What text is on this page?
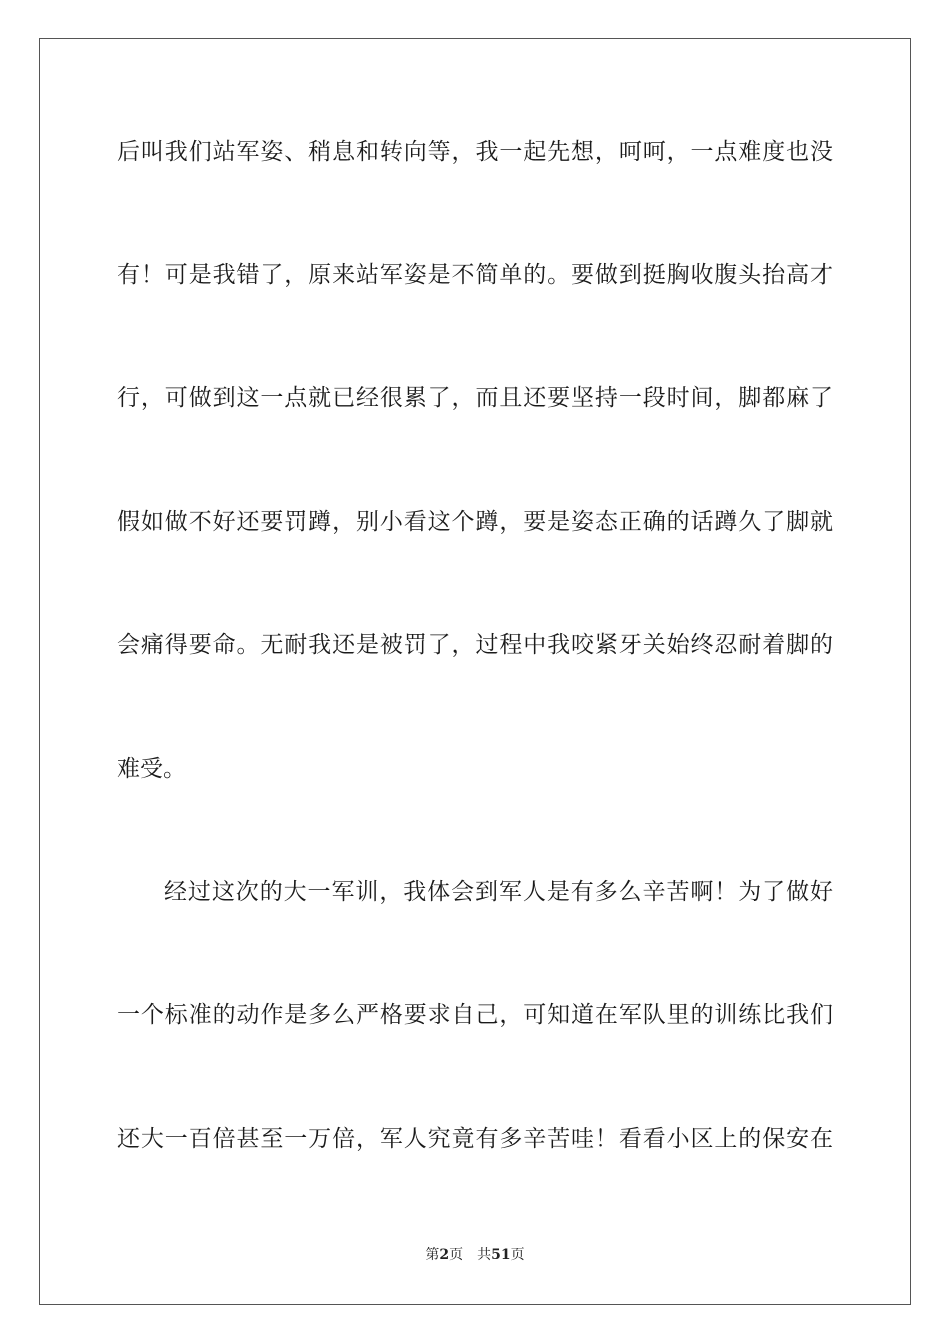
后叫我们站军姿、稍息和转向等，我一起先想，呵呵，一点难度也没
有！可是我错了，原来站军姿是不简单的。要做到挺胸收腹头抬高才
行，可做到这一点就已经很累了，而且还要坚持一段时间，脚都麻了
假如做不好还要罚蹲，别小看这个蹲，要是姿态正确的话蹲久了脚就
会痛得要命。无耐我还是被罚了，过程中我咬紧牙关始终忍耐着脚的
难受。
经过这次的大一军训，我体会到军人是有多么辛苦啊！为了做好
一个标准的动作是多么严格要求自己，可知道在军队里的训练比我们
还大一百倍甚至一万倍，军人究竟有多辛苦哇！看看小区上的保安在
第2页 共51页
